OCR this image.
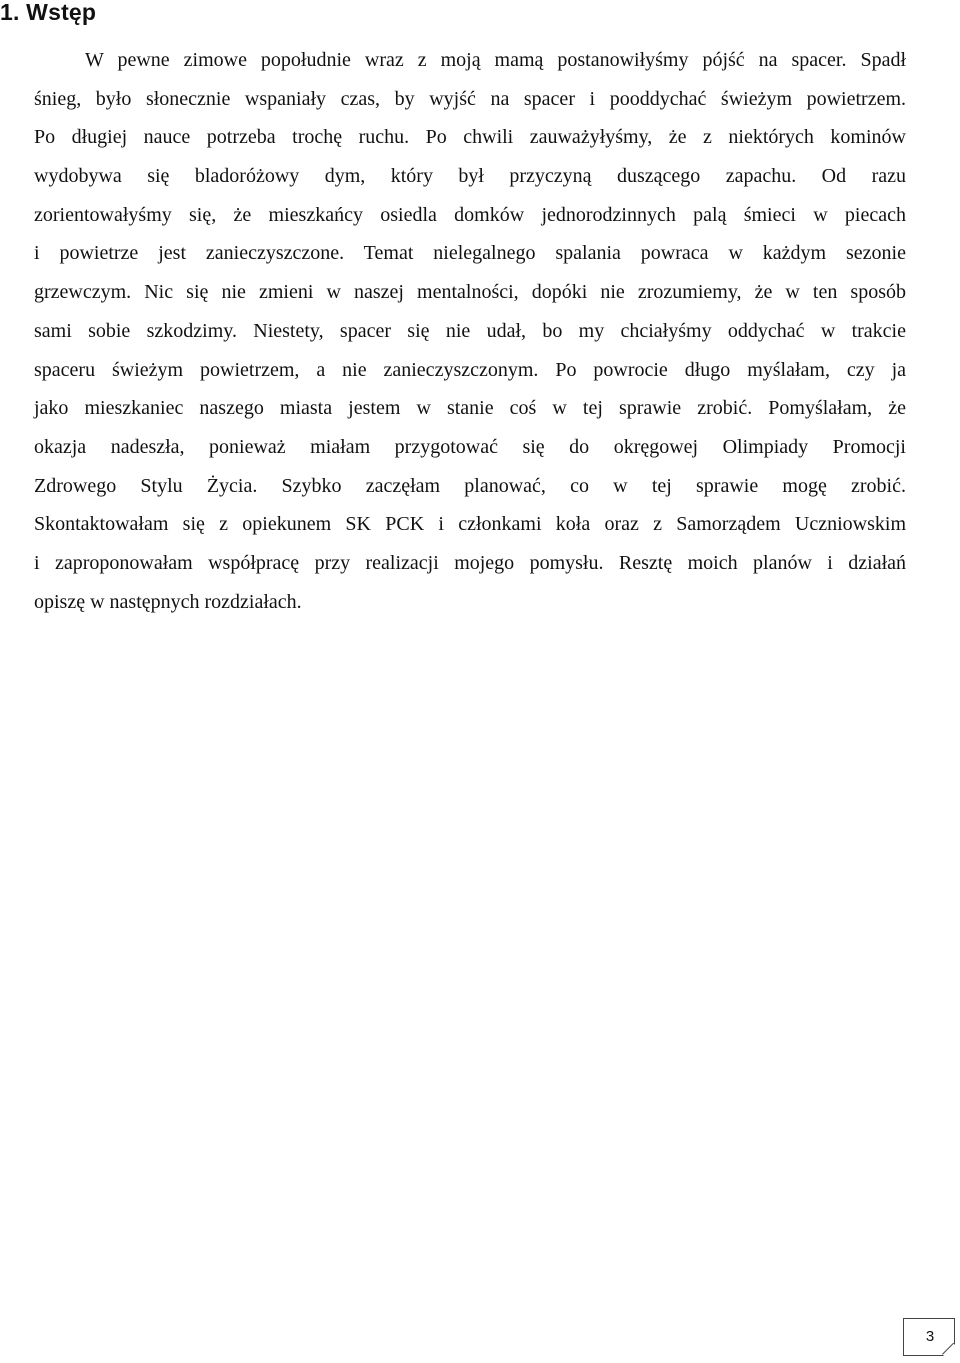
1. Wstęp
W pewne zimowe popołudnie wraz z moją mamą postanowiłyśmy pójść na spacer. Spadł
śnieg, było słonecznie wspaniały czas, by wyjść na spacer i pooddychać świeżym powietrzem.
Po długiej nauce potrzeba trochę ruchu. Po chwili zauważyłyśmy, że z niektórych kominów
wydobywa się bladoróżowy dym, który był przyczyną duszącego zapachu. Od razu
zorientowałyśmy się, że mieszkańcy osiedla domków jednorodzinnych palą śmieci w piecach
i powietrze jest zanieczyszczone. Temat nielegalnego spalania powraca w każdym sezonie
grzewczym. Nic się nie zmieni w naszej mentalności, dopóki nie zrozumiemy, że w ten sposób
sami sobie szkodzimy. Niestety, spacer się nie udał, bo my chciałyśmy oddychać w trakcie
spaceru świeżym powietrzem, a nie zanieczyszczonym. Po powrocie długo myślałam, czy ja
jako mieszkaniec naszego miasta jestem w stanie coś w tej sprawie zrobić. Pomyślałam, że
okazja nadeszła, ponieważ miałam przygotować się do okręgowej Olimpiady Promocji
Zdrowego Stylu Życia. Szybko zaczęłam planować, co w tej sprawie mogę zrobić.
Skontaktowałam się z opiekunem SK PCK i członkami koła oraz z Samorządem Uczniowskim
i zaproponowałam współpracę przy realizacji mojego pomysłu. Resztę moich planów i działań
opiszę w następnych rozdziałach.
3
